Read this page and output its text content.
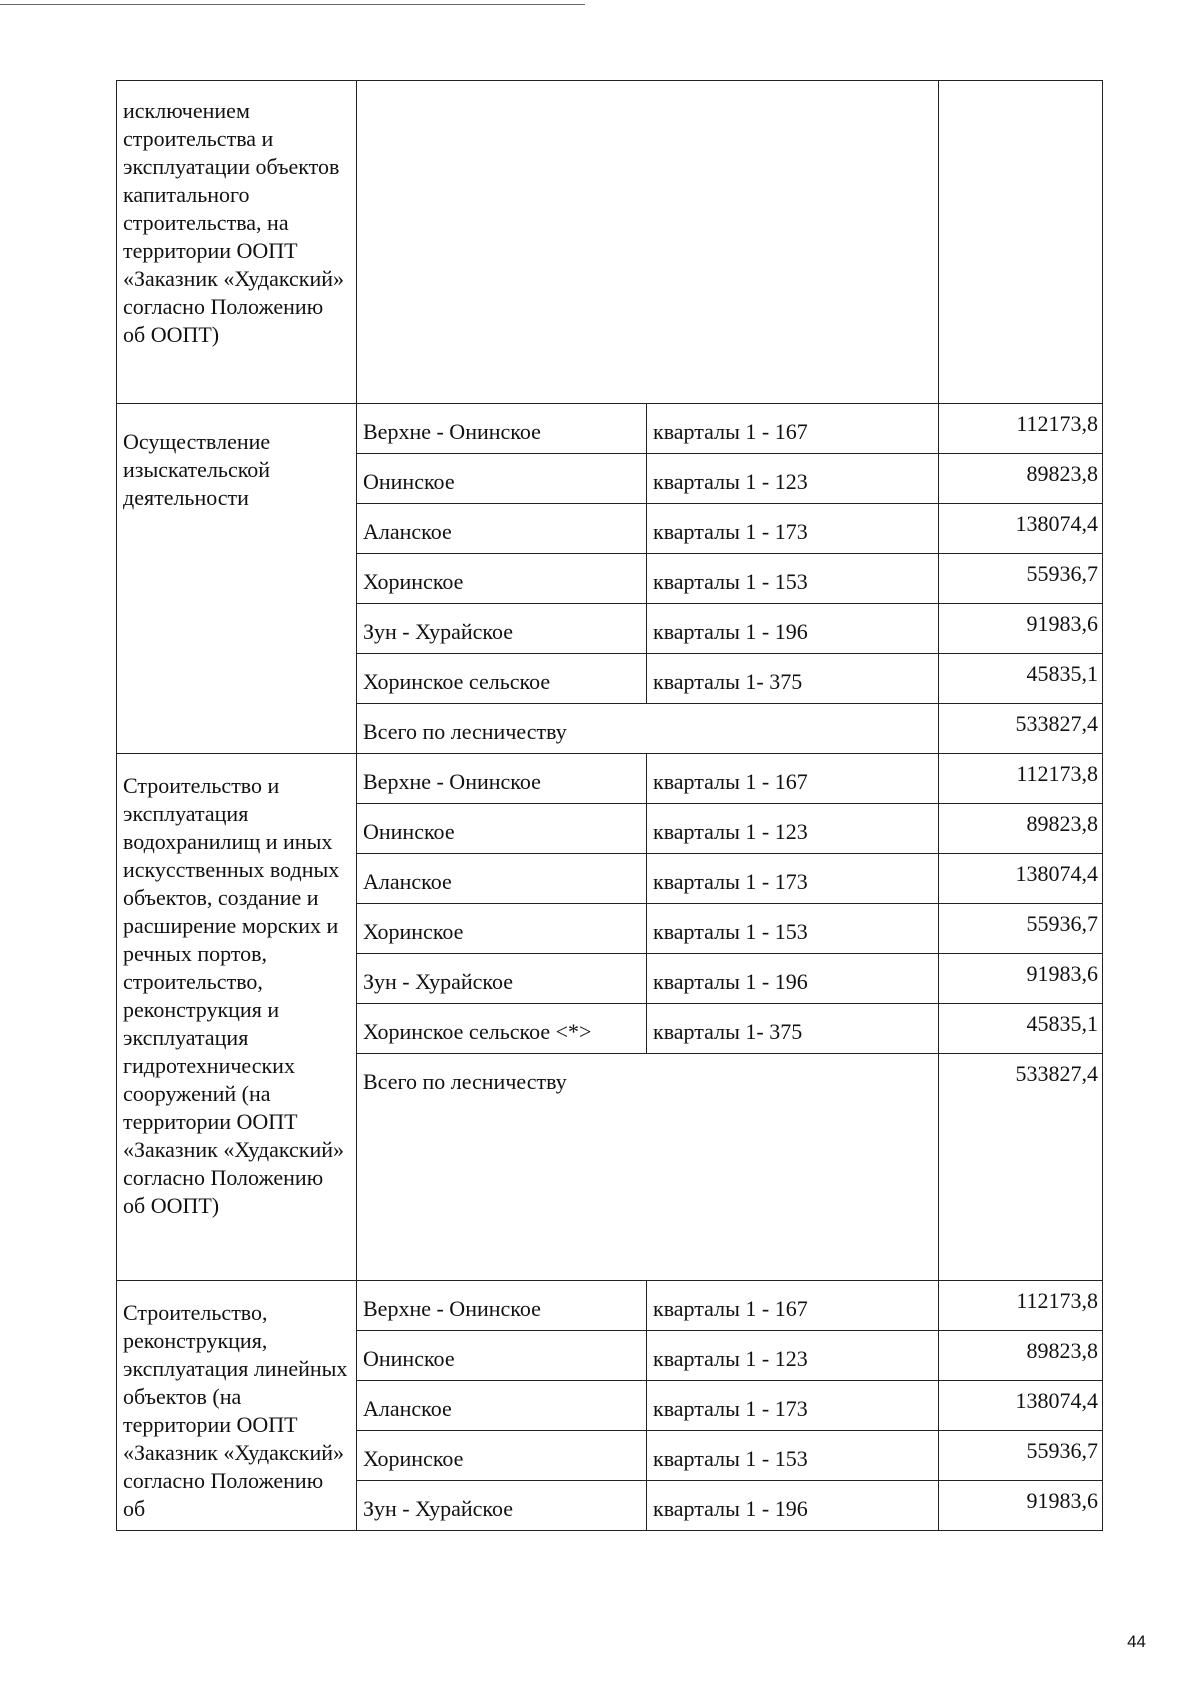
исключением строительства и эксплуатации объектов капитального строительства, на территории ООПТ «Заказник «Худакский» согласно Положению об ООПТ)			
Осуществление изыскательской деятельности	Верхне - Онинское	кварталы 1 - 167	112173,8
	Онинское	кварталы 1 - 123	89823,8
	Аланское	кварталы 1 - 173	138074,4
	Хоринское	кварталы 1 - 153	55936,7
	Зун - Хурайское	кварталы 1 - 196	91983,6
	Хоринское сельское	кварталы 1- 375	45835,1
	Всего по лесничеству		533827,4
Строительство и эксплуатация водохранилищ и иных искусственных водных объектов, создание и расширение морских и речных портов, строительство, реконструкция и эксплуатация гидротехнических сооружений (на территории ООПТ «Заказник «Худакский» согласно Положению об ООПТ)	Верхне - Онинское	кварталы 1 - 167	112173,8
	Онинское	кварталы 1 - 123	89823,8
	Аланское	кварталы 1 - 173	138074,4
	Хоринское	кварталы 1 - 153	55936,7
	Зун - Хурайское	кварталы 1 - 196	91983,6
	Хоринское сельское <*>	кварталы 1- 375	45835,1
	Всего по лесничеству		533827,4
Строительство, реконструкция, эксплуатация линейных объектов (на территории ООПТ «Заказник «Худакский» согласно Положению об	Верхне - Онинское	кварталы 1 - 167	112173,8
	Онинское	кварталы 1 - 123	89823,8
	Аланское	кварталы 1 - 173	138074,4
	Хоринское	кварталы 1 - 153	55936,7
	Зун - Хурайское	кварталы 1 - 196	91983,6
44
